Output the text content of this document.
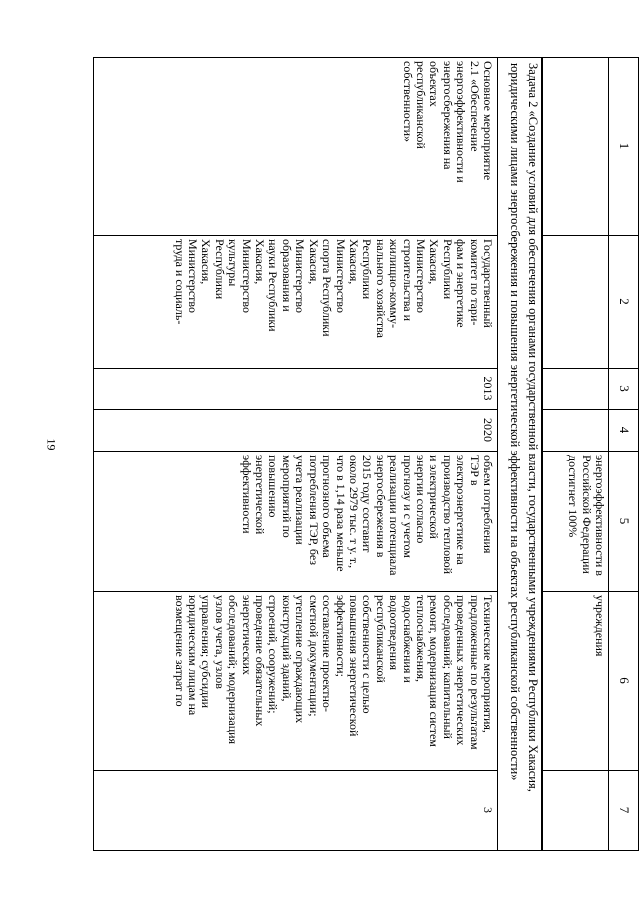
19
1
2
3
4
5
6
7
энергоэффективности в
Российской Федерации
достигнет 100%
учреждения
Задача 2 «Создание условий для обеспечения органами государственной власти, государственными учреждениями Республики Хакасия,
юридическими лицами энергосбережения и повышения энергетической эффективности на объектах республиканской собственности»
Основное мероприятие
2.1 «Обеспечение
энергоэффективности и
энергосбережения на
объектах
республиканской
собственности»
Государственный
комитет по тари-
фам и энергетике
Республики
Хакасия,
Министерство
строительства и
жилищно-комму-
нального хозяйства
Республики
Хакасия,
Министерство
спорта Республики
Хакасия,
Министерство
образования и
науки Республики
Хакасия,
Министерство
культуры
Республики
Хакасия,
Министерство
труда и социаль-
2013
2020
объем потребления
ТЭР в
электроэнергетике на
производство тепловой
и электрической
энергии согласно
прогнозу и с учетом
реализации потенциала
энергосбережения в
2015 году составит
около 2979 тыс. т у. т.,
что в 1,14 раза меньше
прогнозного объема
потребления ТЭР, без
учета реализации
мероприятий по
повышению
энергетической
эффективности
Технические мероприятия,
предложенные по результатам
проведенных энергетических
обследований; капитальный
ремонт, модернизация систем
теплоснабжения,
водоснабжения и
водоотведения
республиканской
собственности с целью
повышения энергетической
эффективности;
составление проектно-
сметной документации;
утепление ограждающих
конструкций зданий,
строений, сооружений;
проведение обязательных
энергетических
обследований; модернизация
узлов учета, узлов
управления; субсидии
юридическим лицам на
возмещение затрат по
3
